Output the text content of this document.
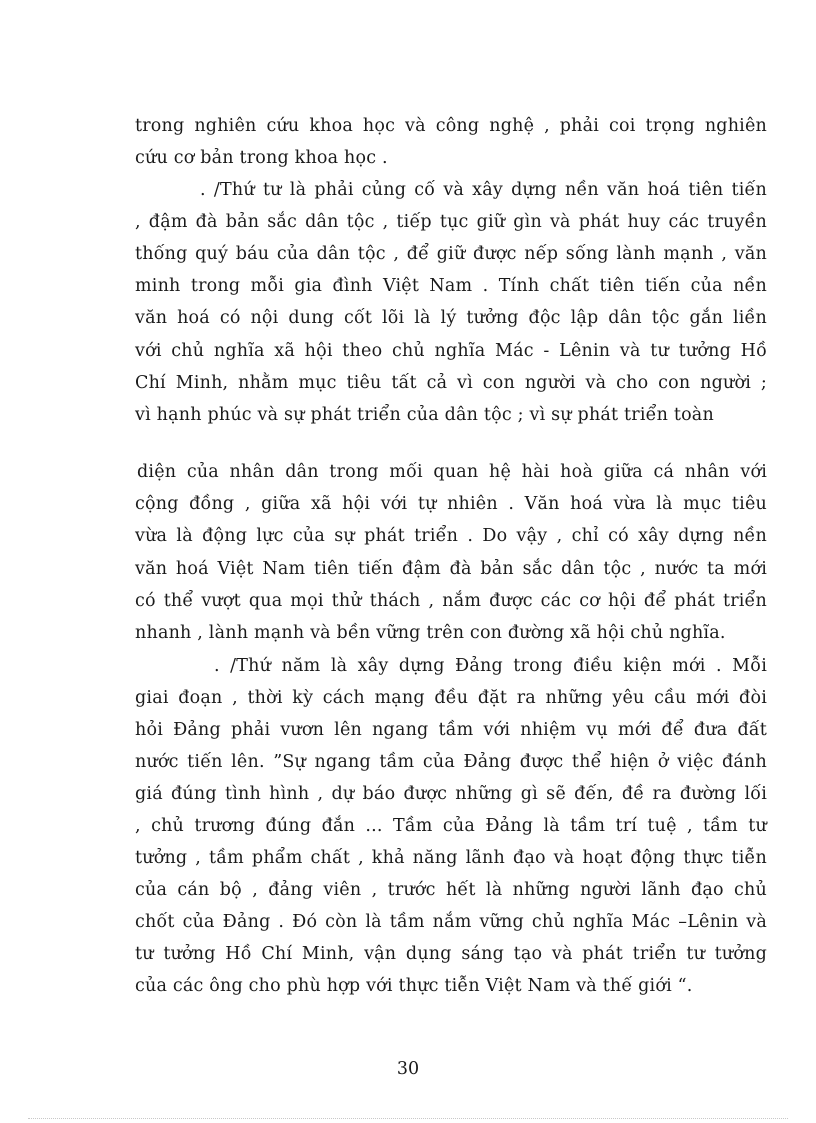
trong nghiên cứu khoa học và công nghệ , phải coi trọng nghiên
cứu cơ bản trong khoa học .
. /Thứ tư là phải củng cố và xây dựng nền văn hoá tiên tiến
, đậm đà bản sắc dân tộc , tiếp tục giữ gìn và phát huy các truyền
thống quý báu của dân tộc , để giữ được nếp sống lành mạnh , văn
minh trong mỗi gia đình Việt Nam . Tính chất tiên tiến của nền
văn hoá có nội dung cốt lõi là lý tưởng độc lập dân tộc gắn liền
với chủ nghĩa xã hội theo chủ nghĩa Mác - Lênin và tư tưởng Hồ
Chí Minh, nhằm mục tiêu tất cả vì con người và cho con người ;
vì hạnh phúc và sự phát triển của dân tộc ; vì sự phát triển toàn
diện của nhân dân trong mối quan hệ hài hoà giữa cá nhân với
cộng đồng , giữa xã hội với tự nhiên . Văn hoá vừa là mục tiêu
vừa là động lực của sự phát triển . Do vậy , chỉ có xây dựng nền
văn hoá Việt Nam tiên tiến đậm đà bản sắc dân tộc , nước ta mới
có thể vượt qua mọi thử thách , nắm được các cơ hội để phát triển
nhanh , lành mạnh và bền vững trên con đường xã hội chủ nghĩa.
. /Thứ năm là xây dựng Đảng trong điều kiện mới . Mỗi
giai đoạn , thời kỳ cách mạng đều đặt ra những yêu cầu mới đòi
hỏi Đảng phải vươn lên ngang tầm với nhiệm vụ mới để đưa đất
nước tiến lên. ”Sự ngang tầm của Đảng được thể hiện ở việc đánh
giá đúng tình hình , dự báo được những gì sẽ đến, đề ra đường lối
, chủ trương đúng đắn ... Tầm của Đảng là tầm trí tuệ , tầm tư
tưởng , tầm phẩm chất , khả năng lãnh đạo và hoạt động thực tiễn
của cán bộ , đảng viên , trước hết là những người lãnh đạo chủ
chốt của Đảng . Đó còn là tầm nắm vững chủ nghĩa Mác –Lênin và
tư tưởng Hồ Chí Minh, vận dụng sáng tạo và phát triển tư tưởng
của các ông cho phù hợp với thực tiễn Việt Nam và thế giới “.
30
